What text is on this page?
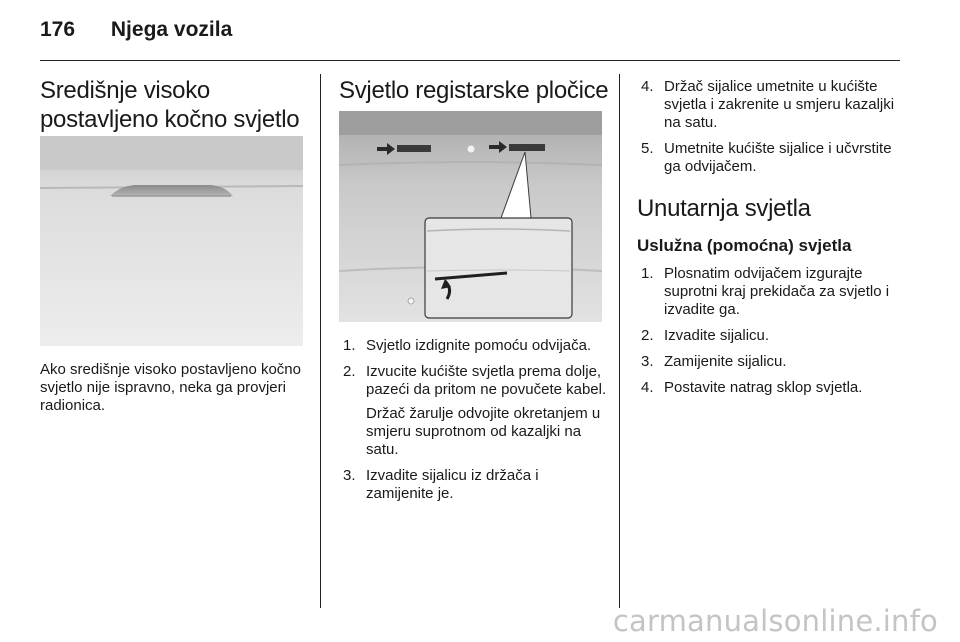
176 Njega vozila
Središnje visoko postavljeno kočno svjetlo

Ako središnje visoko postavljeno kočno svjetlo nije ispravno, neka ga provjeri radionica.

Svjetlo registarske pločice
1. Svjetlo izdignite pomoću odvijača.
2. Izvucite kućište svjetla prema dolje, pazeći da pritom ne povučete kabel.
Držač žarulje odvojite okretanjem u smjeru suprotnom od kazaljki na satu.
3. Izvadite sijalicu iz držača i zamijenite je.
4. Držač sijalice umetnite u kućište svjetla i zakrenite u smjeru kazaljki na satu.
5. Umetnite kućište sijalice i učvrstite ga odvijačem.
Unutarnja svjetla
Uslužna (pomoćna) svjetla
1. Plosnatim odvijačem izgurajte suprotni kraj prekidača za svjetlo i izvadite ga.
2. Izvadite sijalicu.
3. Zamijenite sijalicu.
4. Postavite natrag sklop svjetla.
carmanualsonline.info
